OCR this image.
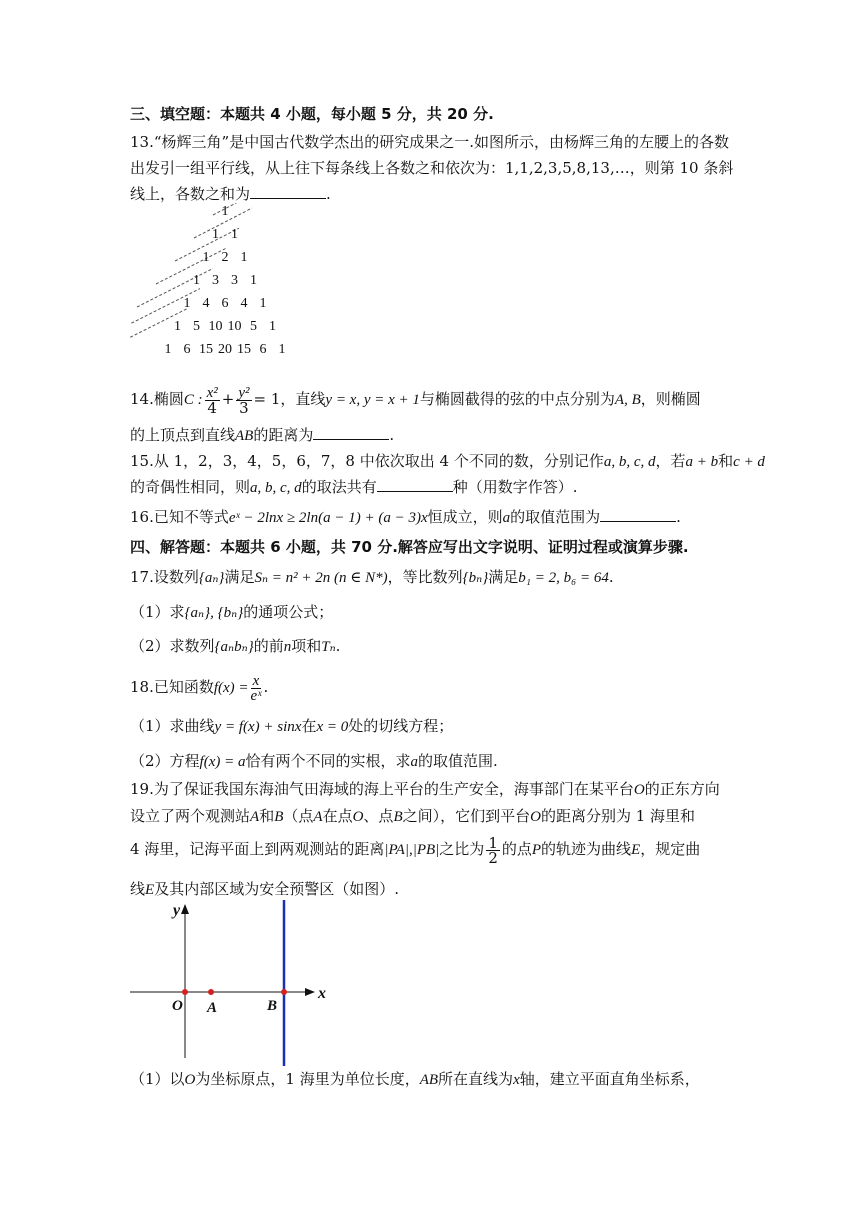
三、填空题：本题共 4 小题，每小题 5 分，共 20 分.
13.“杨辉三角”是中国古代数学杰出的研究成果之一.如图所示，由杨辉三角的左腰上的各数
出发引一组平行线，从上往下每条线上各数之和依次为：1,1,2,3,5,8,13,…，则第 10 条斜
线上，各数之和为	.
1
1 1
1 2 1
1 3 3 1
1 4 6 4 1
1 5 10 10 5 1
1 6 15 20 15 6 1
14.椭圆C : $\frac{\text{x²}}{4} + \frac{\text{y²}}{3} = 1$，直线y = x, y = x + 1与椭圆截得的弦的中点分别为A, B，则椭圆
的上顶点到直线AB的距离为	.
15.从 1，2，3，4，5，6，7，8 中依次取出 4 个不同的数，分别记作a, b, c, d，若a + b和c + d
的奇偶性相同，则a, b, c, d的取法共有	种（用数字作答）.
16.已知不等式eˣ − 2lnx ≥ 2ln(a − 1) + (a − 3)x恒成立，则a的取值范围为	.
四、解答题：本题共 6 小题，共 70 分.解答应写出文字说明、证明过程或演算步骤.
17.设数列{aₙ}满足Sₙ = n² + 2n (n ∈ N*)，等比数列{bₙ}满足b₁ = 2, b₆ = 64.
（1）求{aₙ}, {bₙ}的通项公式；
（2）求数列{aₙbₙ}的前n项和Tₙ.
18.已知函数$f(x) = \frac{x}{\text{eˣ}}$ .
（1）求曲线y = f(x) + sinx在x = 0处的切线方程；
（2）方程f(x) = a恰有两个不同的实根，求a的取值范围.
19.为了保证我国东海油气田海域的海上平台的生产安全，海事部门在某平台O的正东方向
设立了两个观测站A和B（点A在点O、点B之间），它们到平台O的距离分别为 1 海里和
4 海里，记海平面上到两观测站的距离|PA|,|PB|之比为 $\frac{1}{2}$ 的点P的轨迹为曲线E，规定曲
线E及其内部区域为安全预警区（如图）.
y
x
O A	B
（1）以O为坐标原点，1 海里为单位长度，AB所在直线为x轴，建立平面直角坐标系，
